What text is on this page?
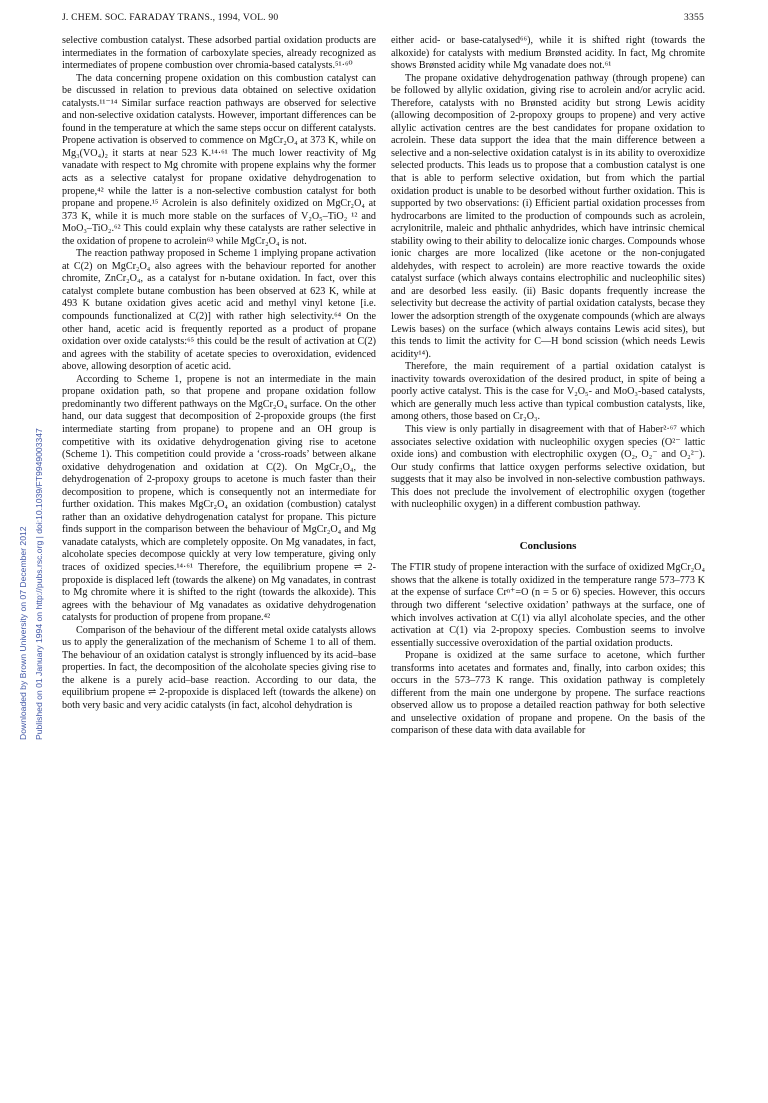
J. CHEM. SOC. FARADAY TRANS., 1994, VOL. 90	3355
Downloaded by Brown University on 07 December 2012 Published on 01 January 1994 on http://pubs.rsc.org | doi:10.1039/FT9949003347

selective combustion catalyst. These adsorbed partial oxidation products are intermediates in the formation of carboxylate species, already recognized as intermediates of propene combustion over chromia-based catalysts.⁵¹·⁶⁰

The data concerning propene oxidation on this combustion catalyst can be discussed in relation to previous data obtained on selective oxidation catalysts.¹¹⁻¹⁴ Similar surface reaction pathways are observed for selective and non-selective oxidation catalysts. However, important differences can be found in the temperature at which the same steps occur on different catalysts. Propene activation is observed to commence on MgCr₂O₄ at 373 K, while on Mg₃(VO₄)₂ it starts at near 523 K.¹⁴·⁶¹ The much lower reactivity of Mg vanadate with respect to Mg chromite with propene explains why the former acts as a selective catalyst for propane oxidative dehydrogenation to propene,⁴² while the latter is a non-selective combustion catalyst for both propane and propene.¹⁵ Acrolein is also definitely oxidized on MgCr₂O₄ at 373 K, while it is much more stable on the surfaces of V₂O₅–TiO₂ ¹² and MoO₃–TiO₂.⁶² This could explain why these catalysts are rather selective in the oxidation of propene to acrolein⁶³ while MgCr₂O₄ is not.

The reaction pathway proposed in Scheme 1 implying propane activation at C(2) on MgCr₂O₄ also agrees with the behaviour reported for another chromite, ZnCr₂O₄, as a catalyst for n-butane oxidation. In fact, over this catalyst complete butane combustion has been observed at 623 K, while at 493 K butane oxidation gives acetic acid and methyl vinyl ketone [i.e. compounds functionalized at C(2)] with rather high selectivity.⁶⁴ On the other hand, acetic acid is frequently reported as a product of propane oxidation over oxide catalysts:⁶⁵ this could be the result of activation at C(2) and agrees with the stability of acetate species to overoxidation, evidenced above, allowing desorption of acetic acid.

According to Scheme 1, propene is not an intermediate in the main propane oxidation path, so that propene and propane oxidation follow predominantly two different pathways on the MgCr₂O₄ surface. On the other hand, our data suggest that decomposition of 2-propoxide groups (the first intermediate starting from propane) to propene and an OH group is competitive with its oxidative dehydrogenation giving rise to acetone (Scheme 1). This competition could provide a ‘cross-roads’ between alkane oxidative dehydrogenation and oxidation at C(2). On MgCr₂O₄, the dehydrogenation of 2-propoxy groups to acetone is much faster than their decomposition to propene, which is consequently not an intermediate for further oxidation. This makes MgCr₂O₄ an oxidation (combustion) catalyst rather than an oxidative dehydrogenation catalyst for propane. This picture finds support in the comparison between the behaviour of MgCr₂O₄ and Mg vanadate catalysts, which are completely opposite. On Mg vanadates, in fact, alcoholate species decompose quickly at very low temperature, giving only traces of oxidized species.¹⁴·⁶¹ Therefore, the equilibrium propene ⇌ 2-propoxide is displaced left (towards the alkene) on Mg vanadates, in contrast to Mg chromite where it is shifted to the right (towards the alkoxide). This agrees with the behaviour of Mg vanadates as oxidative dehydrogenation catalysts for production of propene from propane.⁴²

Comparison of the behaviour of the different metal oxide catalysts allows us to apply the generalization of the mechanism of Scheme 1 to all of them. The behaviour of an oxidation catalyst is strongly influenced by its acid–base properties. In fact, the decomposition of the alcoholate species giving rise to the alkene is a purely acid–base reaction. According to our data, the equilibrium propene ⇌ 2-propoxide is displaced left (towards the alkene) on both very basic and very acidic catalysts (in fact, alcohol dehydration is

either acid- or base-catalysed⁶⁶), while it is shifted right (towards the alkoxide) for catalysts with medium Brønsted acidity. In fact, Mg chromite shows Brønsted acidity while Mg vanadate does not.⁶¹

The propane oxidative dehydrogenation pathway (through propene) can be followed by allylic oxidation, giving rise to acrolein and/or acrylic acid. Therefore, catalysts with no Brønsted acidity but strong Lewis acidity (allowing decomposition of 2-propoxy groups to propene) and very active allylic activation centres are the best candidates for propane oxidation to acrolein. These data support the idea that the main difference between a selective and a non-selective oxidation catalyst is in its ability to overoxidize selected products. This leads us to propose that a combustion catalyst is one that is able to perform selective oxidation, but from which the partial oxidation product is unable to be desorbed without further oxidation. This is supported by two observations: (i) Efficient partial oxidation processes from hydrocarbons are limited to the production of compounds such as acrolein, acrylonitrile, maleic and phthalic anhydrides, which have intrinsic chemical stability owing to their ability to delocalize ionic charges. Compounds whose ionic charges are more localized (like acetone or the non-conjugated aldehydes, with respect to acrolein) are more reactive towards the oxide catalyst surface (which always contains electrophilic and nucleophilic sites) and are desorbed less easily. (ii) Basic dopants frequently increase the selectivity but decrease the activity of partial oxidation catalysts, becase they lower the adsorption strength of the oxygenate compounds (which are always Lewis bases) on the surface (which always contains Lewis acid sites), but this tends to limit the activity for C—H bond scission (which needs Lewis acidity¹⁴).

Therefore, the main requirement of a partial oxidation catalyst is inactivity towards overoxidation of the desired product, in spite of being a poorly active catalyst. This is the case for V₂O₅- and MoO₃-based catalysts, which are generally much less active than typical combustion catalysts, like, among others, those based on Cr₂O₃.

This view is only partially in disagreement with that of Haber²·⁶⁷ which associates selective oxidation with nucleophilic oxygen species (O²⁻ lattic oxide ions) and combustion with electrophilic oxygen (O₂, O₂⁻ and O₂²⁻). Our study confirms that lattice oxygen performs selective oxidation, but suggests that it may also be involved in non-selective combustion pathways. This does not preclude the involvement of electrophilic oxygen (together with nucleophilic oxygen) in a different combustion pathway.

Conclusions

The FTIR study of propene interaction with the surface of oxidized MgCr₂O₄ shows that the alkene is totally oxidized in the temperature range 573–773 K at the expense of surface Crⁿ⁺=O (n = 5 or 6) species. However, this occurs through two different ‘selective oxidation’ pathways at the surface, one of which involves activation at C(1) via allyl alcoholate species, and the other activation at C(1) via 2-propoxy species. Combustion seems to involve essentially successive overoxidation of the partial oxidation products.

Propane is oxidized at the same surface to acetone, which further transforms into acetates and formates and, finally, into carbon oxides; this occurs in the 573–773 K range. This oxidation pathway is completely different from the main one undergone by propene. The surface reactions observed allow us to propose a detailed reaction pathway for both selective and unselective oxidation of propane and propene. On the basis of the comparison of these data with data available for
